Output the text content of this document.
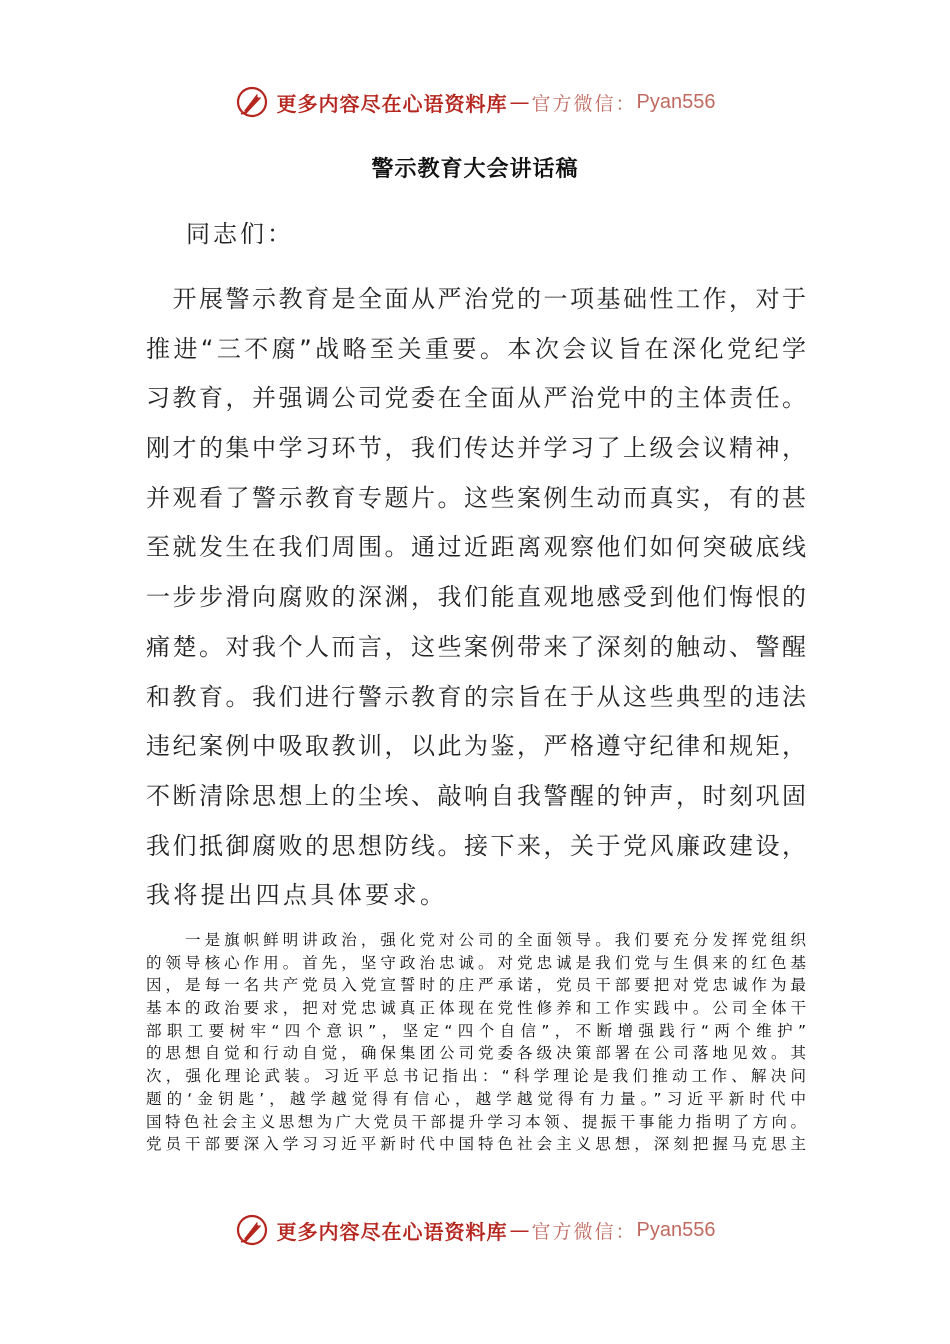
更多内容尽在心语资料库 — 官方微信： Pyan556
警示教育大会讲话稿
同志们：
　开展警示教育是全面从严治党的一项基础性工作，对于
推进“三不腐”战略至关重要。本次会议旨在深化党纪学
习教育，并强调公司党委在全面从严治党中的主体责任。
刚才的集中学习环节，我们传达并学习了上级会议精神，
并观看了警示教育专题片。这些案例生动而真实，有的甚
至就发生在我们周围。通过近距离观察他们如何突破底线
一步步滑向腐败的深渊，我们能直观地感受到他们悔恨的
痛楚。对我个人而言，这些案例带来了深刻的触动、警醒
和教育。我们进行警示教育的宗旨在于从这些典型的违法
违纪案例中吸取教训，以此为鉴，严格遵守纪律和规矩，
不断清除思想上的尘埃、敲响自我警醒的钟声，时刻巩固
我们抵御腐败的思想防线。接下来，关于党风廉政建设，
我将提出四点具体要求。
　　一是旗帜鲜明讲政治，强化党对公司的全面领导。我们要充分发挥党组织
的领导核心作用。首先，坚守政治忠诚。对党忠诚是我们党与生俱来的红色基
因，是每一名共产党员入党宣誓时的庄严承诺，党员干部要把对党忠诚作为最
基本的政治要求，把对党忠诚真正体现在党性修养和工作实践中。公司全体干
部职工要树牢“四个意识”，坚定“四个自信”，不断增强践行“两个维护”
的思想自觉和行动自觉，确保集团公司党委各级决策部署在公司落地见效。其
次，强化理论武装。习近平总书记指出：“科学理论是我们推动工作、解决问
题的‘金钥匙’，越学越觉得有信心，越学越觉得有力量。”习近平新时代中
国特色社会主义思想为广大党员干部提升学习本领、提振干事能力指明了方向。
党员干部要深入学习习近平新时代中国特色社会主义思想，深刻把握马克思主
更多内容尽在心语资料库 — 官方微信： Pyan556
